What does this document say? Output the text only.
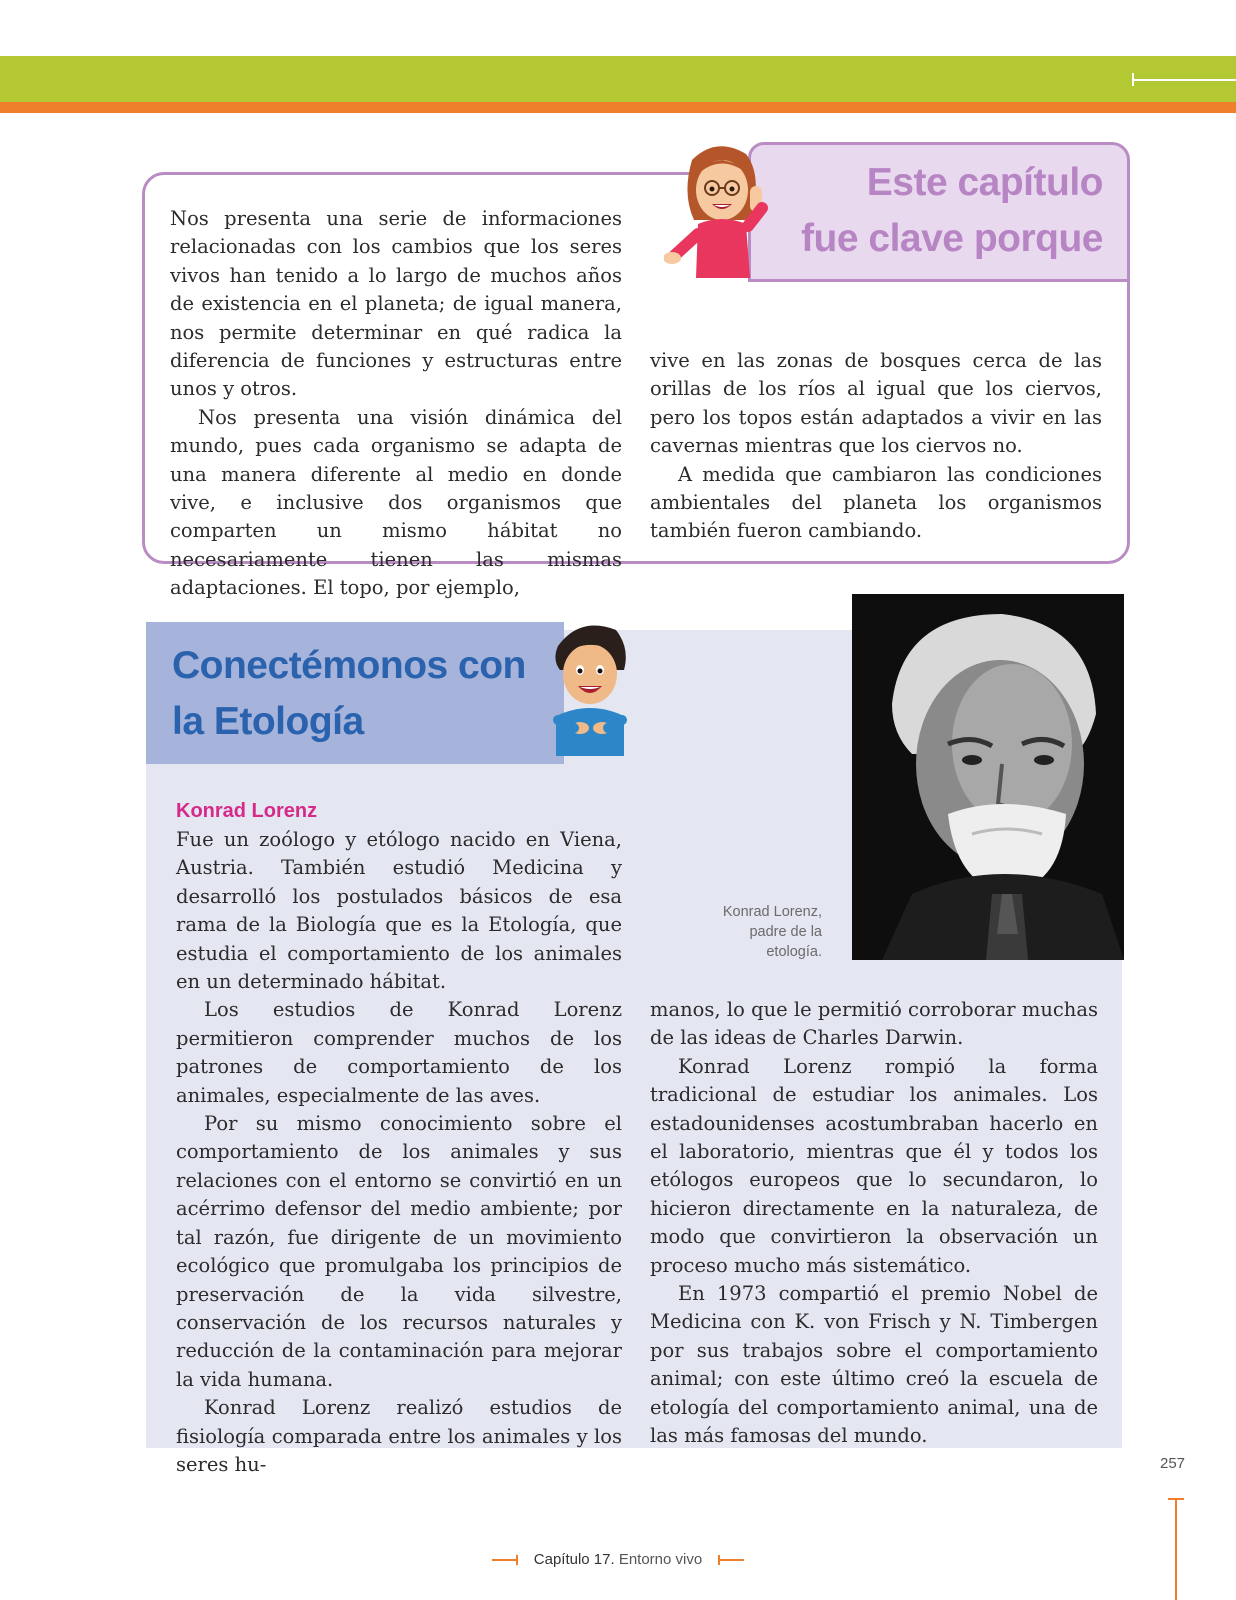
Este capítulo
fue clave porque

Nos presenta una serie de informaciones relacionadas con los cambios que los seres vivos han tenido a lo largo de muchos años de existencia en el planeta; de igual manera, nos permite determinar en qué radica la diferencia de funciones y estructuras entre unos y otros.

Nos presenta una visión dinámica del mundo, pues cada organismo se adapta de una manera diferente al medio en donde vive, e inclusive dos organismos que comparten un mismo hábitat no necesariamente tienen las mismas adaptaciones. El topo, por ejemplo,

vive en las zonas de bosques cerca de las orillas de los ríos al igual que los ciervos, pero los topos están adaptados a vivir en las cavernas mientras que los ciervos no.

A medida que cambiaron las condiciones ambientales del planeta los organismos también fueron cambiando.

Conectémonos con
la Etología
Konrad Lorenz,
padre de la
etología.
Konrad Lorenz

Fue un zoólogo y etólogo nacido en Viena, Austria. También estudió Medicina y desarrolló los postulados básicos de esa rama de la Biología que es la Etología, que estudia el comportamiento de los animales en un determinado hábitat.

Los estudios de Konrad Lorenz permitieron comprender muchos de los patrones de comportamiento de los animales, especialmente de las aves.

Por su mismo conocimiento sobre el comportamiento de los animales y sus relaciones con el entorno se convirtió en un acérrimo defensor del medio ambiente; por tal razón, fue dirigente de un movimiento ecológico que promulgaba los principios de preservación de la vida silvestre, conservación de los recursos naturales y reducción de la contaminación para mejorar la vida humana.

Konrad Lorenz realizó estudios de fisiología comparada entre los animales y los seres hu-

manos, lo que le permitió corroborar muchas de las ideas de Charles Darwin.

Konrad Lorenz rompió la forma tradicional de estudiar los animales. Los estadounidenses acostumbraban hacerlo en el laboratorio, mientras que él y todos los etólogos europeos que lo secundaron, lo hicieron directamente en la naturaleza, de modo que convirtieron la observación un proceso mucho más sistemático.

En 1973 compartió el premio Nobel de Medicina con K. von Frisch y N. Timbergen por sus trabajos sobre el comportamiento animal; con este último creó la escuela de etología del comportamiento animal, una de las más famosas del mundo.

257
Capítulo 17. Entorno vivo
